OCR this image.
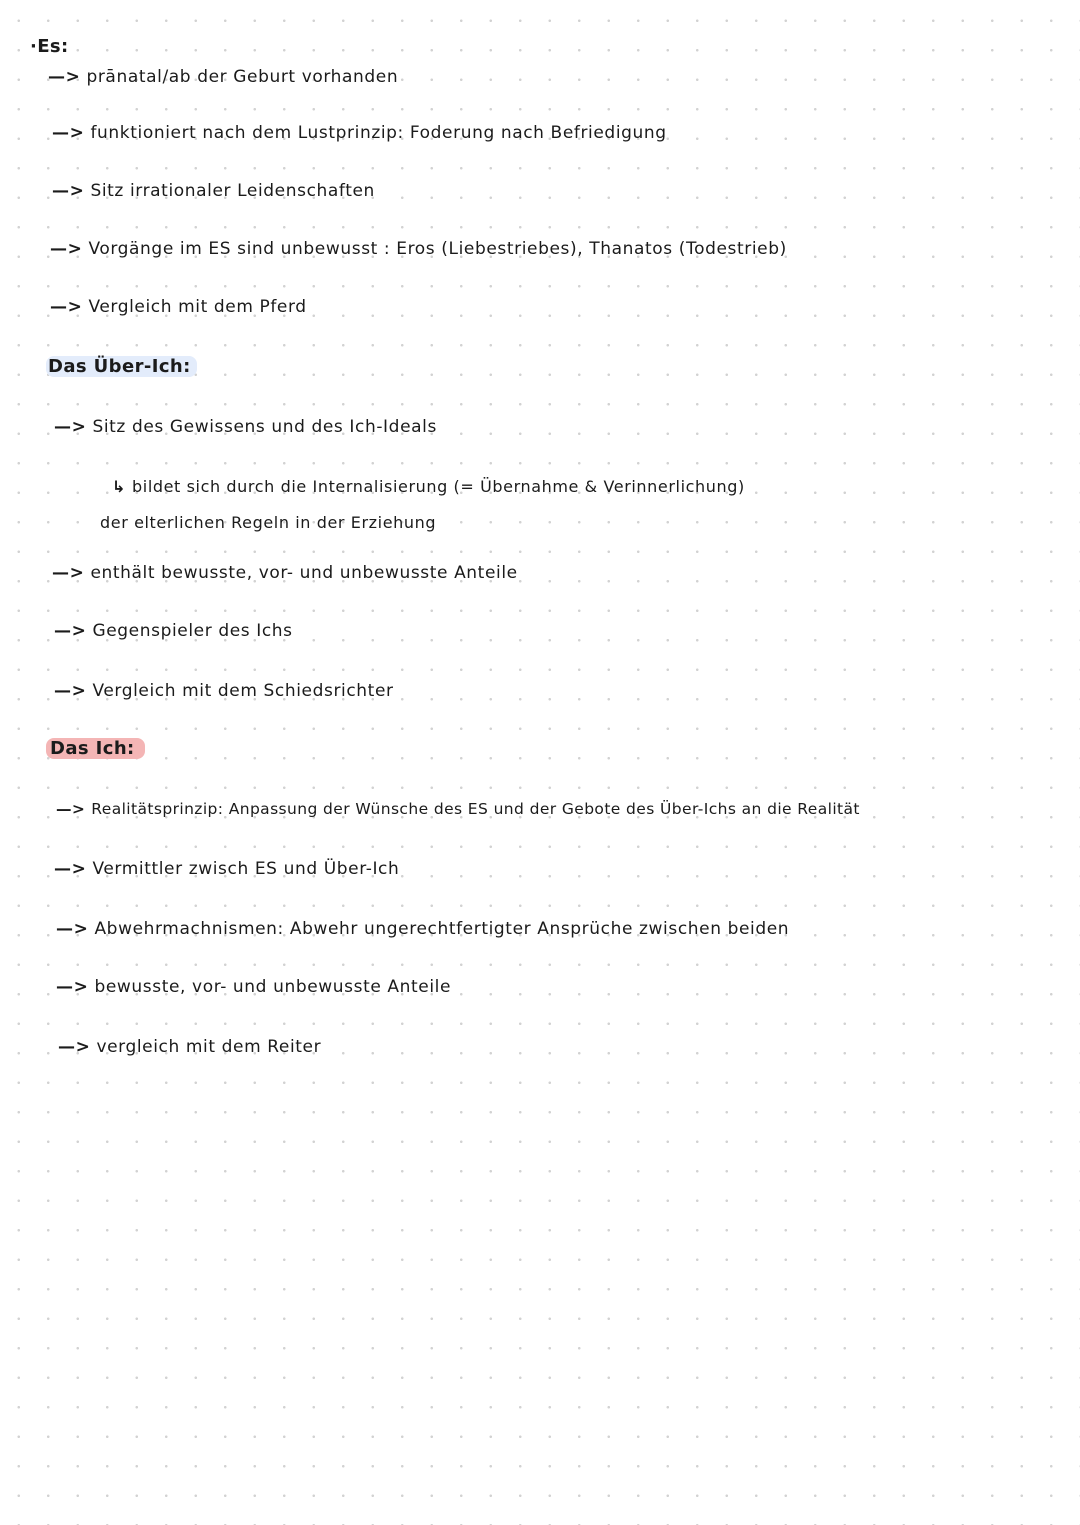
·Es:
—> prānatal/ab der Geburt vorhanden
—> funktioniert nach dem Lustprinzip: Foderung nach Befriedigung
—> Sitz irrationaler Leidenschaften
—> Vorgänge im ES sind unbewusst : Eros (Liebestriebes), Thanatos (Todestrieb)
—> Vergleich mit dem Pferd
Das Über-Ich:
—> Sitz des Gewissens und des Ich-Ideals
↳ bildet sich durch die Internalisierung (= Übernahme & Verinnerlichung)
der elterlichen Regeln in der Erziehung
—> enthält bewusste, vor- und unbewusste Anteile
—> Gegenspieler des Ichs
—> Vergleich mit dem Schiedsrichter
Das Ich:
—> Realitätsprinzip: Anpassung der Wünsche des ES und der Gebote des Über-Ichs an die Realität
—> Vermittler zwisch ES und Über-Ich
—> Abwehrmachnismen: Abwehr ungerechtfertigter Ansprüche zwischen beiden
—> bewusste, vor- und unbewusste Anteile
—> vergleich mit dem Reiter
